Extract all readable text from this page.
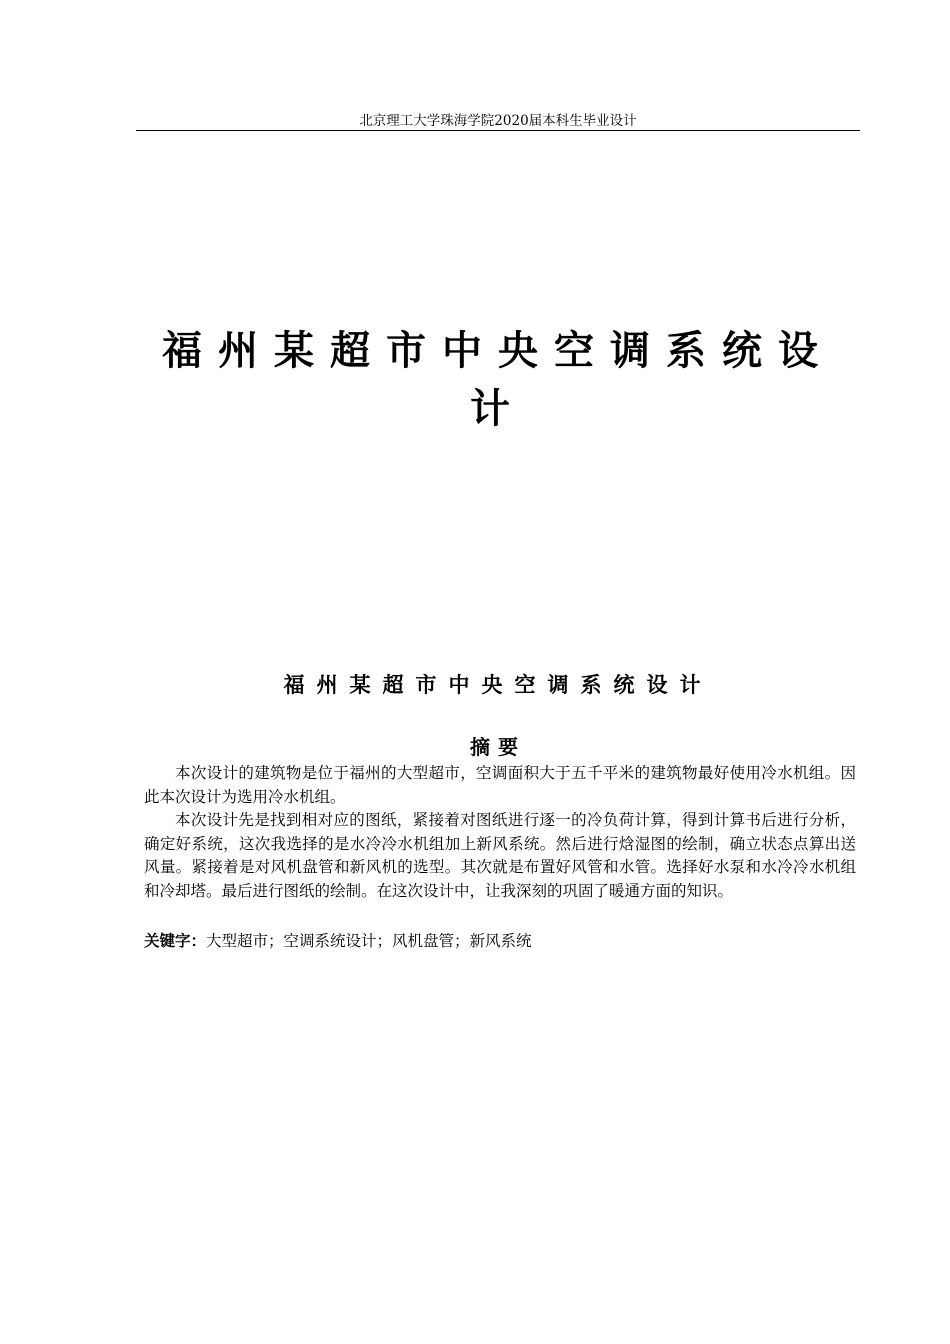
北京理工大学珠海学院2020届本科生毕业设计
福州某超市中央空调系统设
计
福州某超市中央空调系统设计
摘要

本次设计的建筑物是位于福州的大型超市，空调面积大于五千平米的建筑物最好使用冷水机组。因此本次设计为选用冷水机组。

本次设计先是找到相对应的图纸，紧接着对图纸进行逐一的冷负荷计算，得到计算书后进行分析，确定好系统，这次我选择的是水冷冷水机组加上新风系统。然后进行焓湿图的绘制，确立状态点算出送风量。紧接着是对风机盘管和新风机的选型。其次就是布置好风管和水管。选择好水泵和水冷冷水机组和冷却塔。最后进行图纸的绘制。在这次设计中，让我深刻的巩固了暖通方面的知识。

关键字：大型超市；空调系统设计；风机盘管；新风系统
